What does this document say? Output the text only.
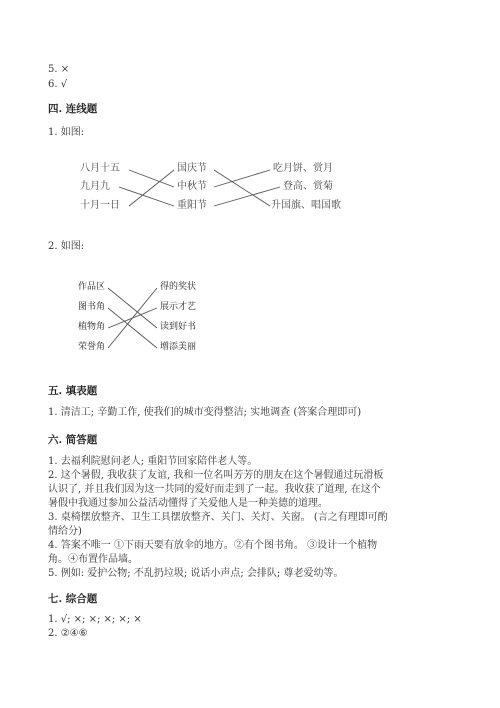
5. ×
6. √
四. 连线题
1. 如图:
八月十五
九月九
十月一日
国庆节
中秋节
重阳节
吃月饼、赏月
登高、赏菊
升国旗、唱国歌
2. 如图:
作品区
图书角
植物角
荣誉角
得的奖状
展示才艺
读到好书
增添美丽
五. 填表题
1. 清洁工; 辛勤工作, 使我们的城市变得整洁; 实地调查 (答案合理即可)
六. 简答题
1. 去福利院慰问老人; 重阳节回家陪伴老人等。
2. 这个暑假, 我收获了友谊, 我和一位名叫芳芳的朋友在这个暑假通过玩滑板
认识了, 并且我们因为这一共同的爱好而走到了一起。我收获了道理, 在这个
暑假中我通过参加公益活动懂得了关爱他人是一种美德的道理。
3. 桌椅摆放整齐、卫生工具摆放整齐、关门、关灯、关窗。 (言之有理即可酌
情给分)
4. 答案不唯一 ①下雨天要有放伞的地方。②有个图书角。 ③设计一个植物
角。④布置作品墙。
5. 例如: 爱护公物; 不乱扔垃圾; 说话小声点; 会排队; 尊老爱幼等。
七. 综合题
1. √; ×; ×; ×; ×; ×
2. ②④⑥
